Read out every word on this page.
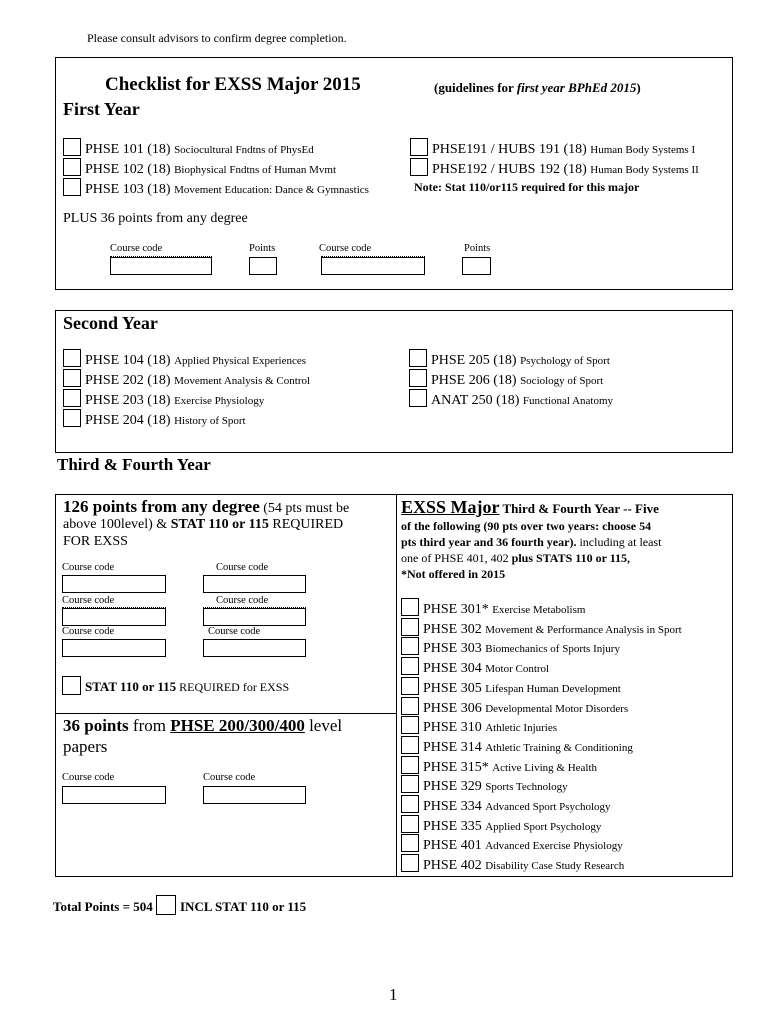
Please consult advisors to confirm degree completion.
Checklist for EXSS Major 2015	(guidelines for first year BPhEd 2015)
First Year
PHSE 101 (18) Sociocultural Fndtns of PhysEd
PHSE 102 (18) Biophysical Fndtns of Human Mvmt
PHSE 103 (18) Movement Education: Dance & Gymnastics
PHSE191 / HUBS 191 (18) Human Body Systems I
PHSE192 / HUBS 192 (18) Human Body Systems II
Note: Stat 110/or115 required for this major
PLUS 36 points from any degree
Course code	Points	Course code	Points
Second Year
PHSE 104 (18) Applied Physical Experiences
PHSE 202 (18) Movement Analysis & Control
PHSE 203 (18) Exercise Physiology
PHSE 204 (18) History of Sport
PHSE 205 (18) Psychology of Sport
PHSE 206 (18) Sociology of Sport
ANAT 250 (18) Functional Anatomy
Third & Fourth Year
126 points from any degree (54 pts must be
above 100level) & STAT 110 or 115 REQUIRED
FOR EXSS
Course code	Course code
Course code	Course code
Course code	Course code
STAT 110 or 115 REQUIRED for EXSS
36 points from PHSE 200/300/400 level
papers
Course code	Course code
EXSS Major Third & Fourth Year -- Five
of the following (90 pts over two years: choose 54
pts third year and 36 fourth year). including at least
one of PHSE 401, 402 plus STATS 110 or 115,
*Not offered in 2015
PHSE 301* Exercise Metabolism
PHSE 302 Movement & Performance Analysis in Sport
PHSE 303 Biomechanics of Sports Injury
PHSE 304 Motor Control
PHSE 305 Lifespan Human Development
PHSE 306 Developmental Motor Disorders
PHSE 310 Athletic Injuries
PHSE 314 Athletic Training & Conditioning
PHSE 315* Active Living & Health
PHSE 329 Sports Technology
PHSE 334 Advanced Sport Psychology
PHSE 335 Applied Sport Psychology
PHSE 401 Advanced Exercise Physiology
PHSE 402 Disability Case Study Research
Total Points = 504 INCL STAT 110 or 115
1
